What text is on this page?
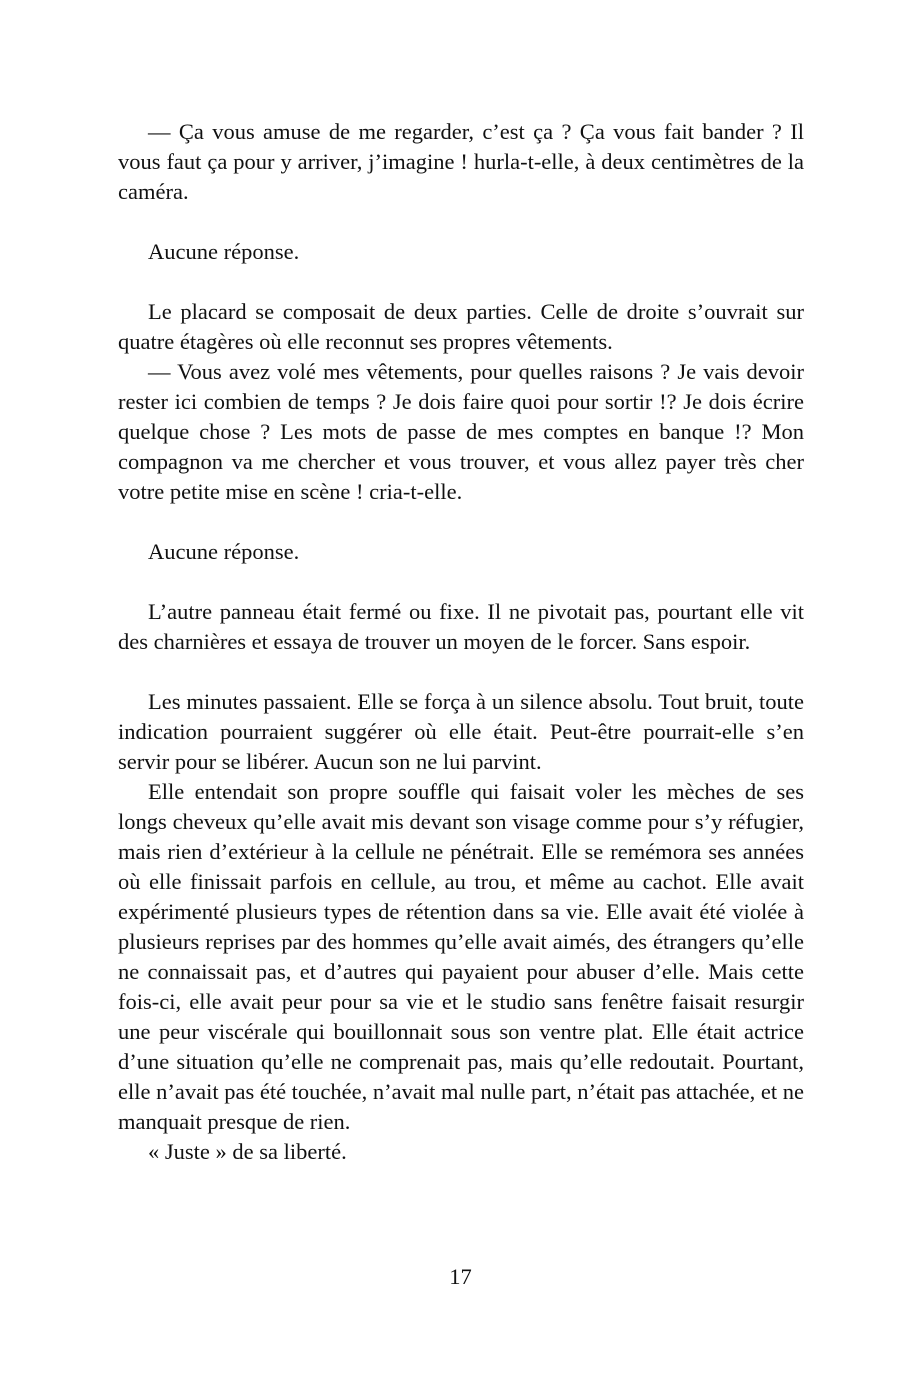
— Ça vous amuse de me regarder, c’est ça ? Ça vous fait bander ? Il vous faut ça pour y arriver, j’imagine ! hurla-t-elle, à deux centimètres de la caméra.

Aucune réponse.

Le placard se composait de deux parties. Celle de droite s’ouvrait sur quatre étagères où elle reconnut ses propres vêtements.

— Vous avez volé mes vêtements, pour quelles raisons ? Je vais devoir rester ici combien de temps ? Je dois faire quoi pour sortir !? Je dois écrire quelque chose ? Les mots de passe de mes comptes en banque !? Mon compagnon va me chercher et vous trouver, et vous allez payer très cher votre petite mise en scène ! cria-t-elle.

Aucune réponse.

L’autre panneau était fermé ou fixe. Il ne pivotait pas, pourtant elle vit des charnières et essaya de trouver un moyen de le forcer. Sans espoir.

Les minutes passaient. Elle se força à un silence absolu. Tout bruit, toute indication pourraient suggérer où elle était. Peut-être pourrait-elle s’en servir pour se libérer. Aucun son ne lui parvint.

Elle entendait son propre souffle qui faisait voler les mèches de ses longs cheveux qu’elle avait mis devant son visage comme pour s’y réfugier, mais rien d’extérieur à la cellule ne pénétrait. Elle se remémora ses années où elle finissait parfois en cellule, au trou, et même au cachot. Elle avait expérimenté plusieurs types de rétention dans sa vie. Elle avait été violée à plusieurs reprises par des hommes qu’elle avait aimés, des étrangers qu’elle ne connaissait pas, et d’autres qui payaient pour abuser d’elle. Mais cette fois-ci, elle avait peur pour sa vie et le studio sans fenêtre faisait resurgir une peur viscérale qui bouillonnait sous son ventre plat. Elle était actrice d’une situation qu’elle ne comprenait pas, mais qu’elle redoutait. Pourtant, elle n’avait pas été touchée, n’avait mal nulle part, n’était pas attachée, et ne manquait presque de rien.

« Juste » de sa liberté.

17
